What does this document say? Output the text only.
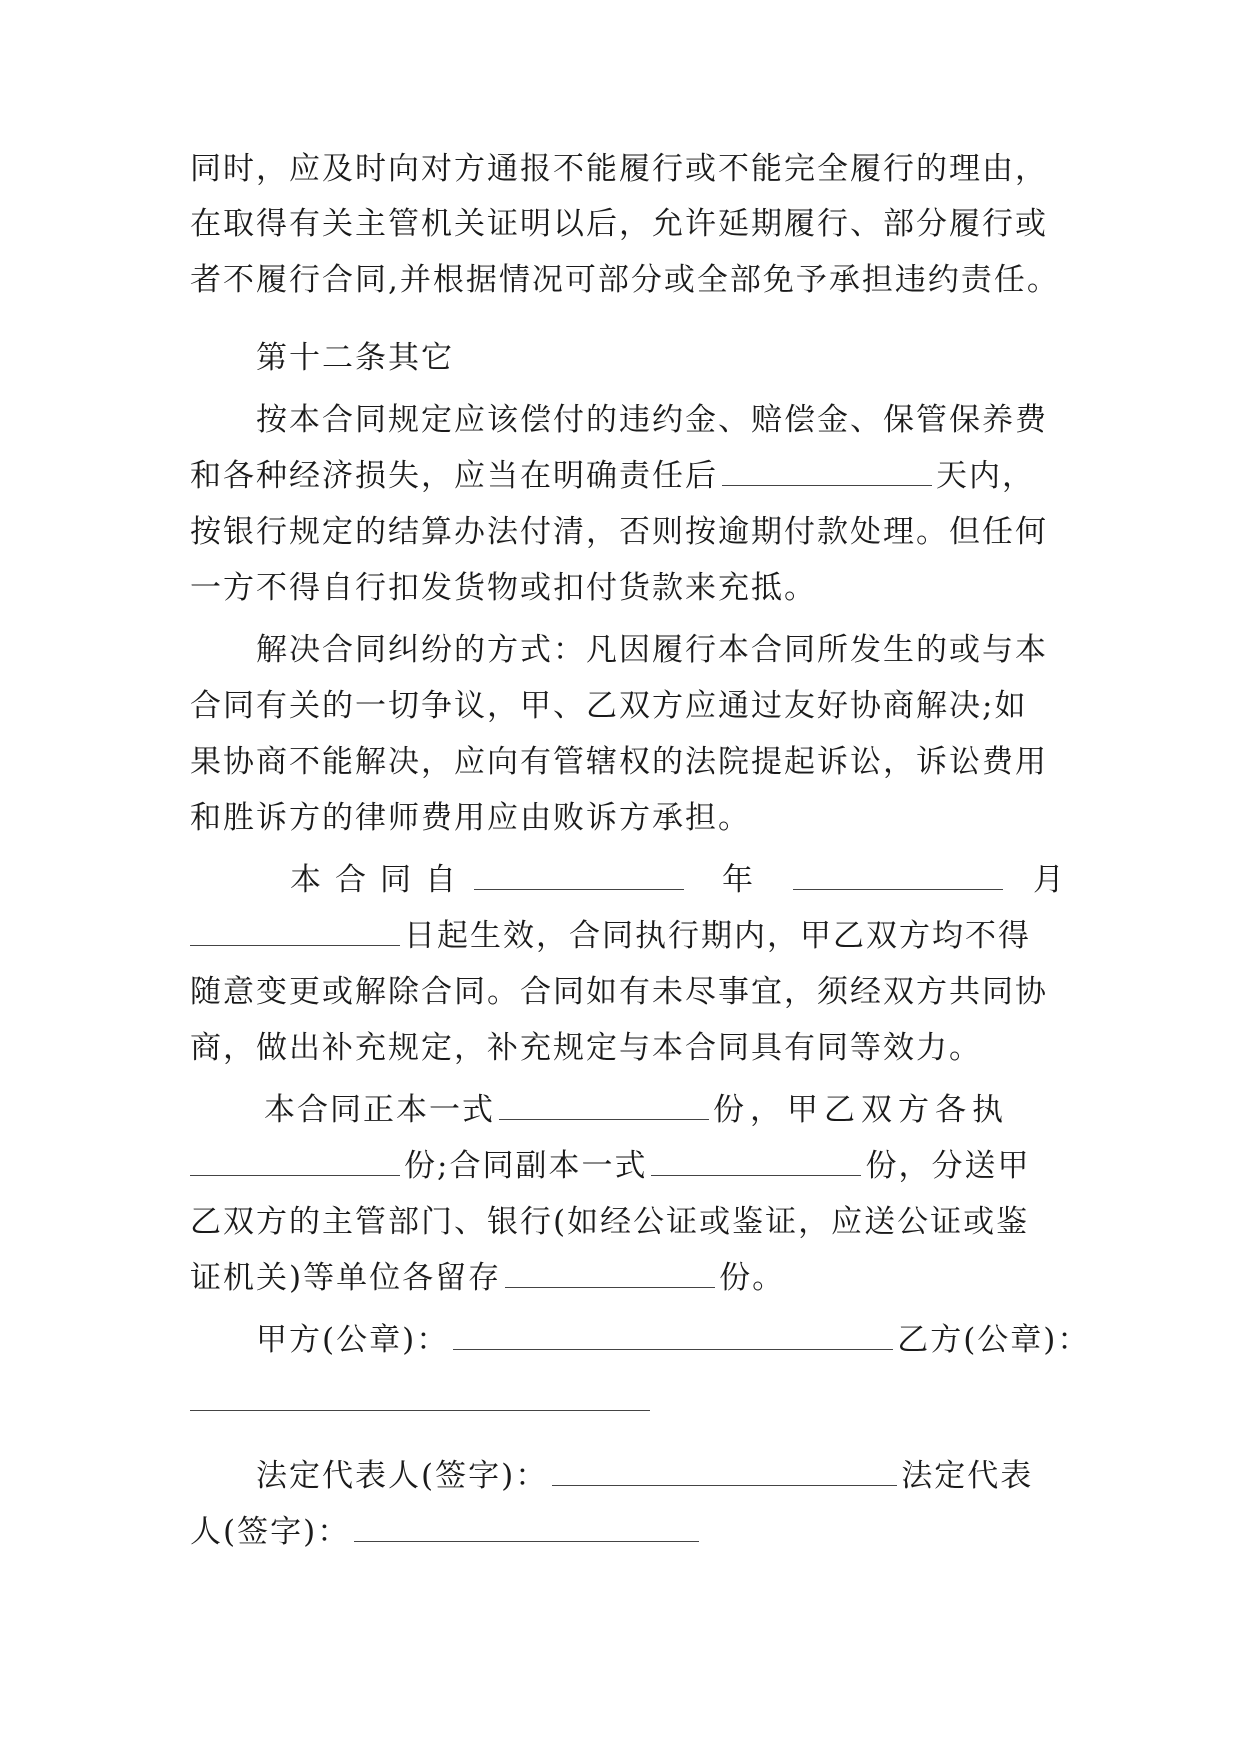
同时，应及时向对方通报不能履行或不能完全履行的理由，
在取得有关主管机关证明以后，允许延期履行、部分履行或
者不履行合同,并根据情况可部分或全部免予承担违约责任。
第十二条其它
按本合同规定应该偿付的违约金、赔偿金、保管保养费
和各种经济损失，应当在明确责任后	天内，
按银行规定的结算办法付清，否则按逾期付款处理。但任何
一方不得自行扣发货物或扣付货款来充抵。
解决合同纠纷的方式：凡因履行本合同所发生的或与本
合同有关的一切争议，甲、乙双方应通过友好协商解决;如
果协商不能解决，应向有管辖权的法院提起诉讼，诉讼费用
和胜诉方的律师费用应由败诉方承担。
本合同自	年	月
日起生效，合同执行期内，甲乙双方均不得
随意变更或解除合同。合同如有未尽事宜，须经双方共同协
商，做出补充规定，补充规定与本合同具有同等效力。
本合同正本一式	份，甲乙双方各执
份;合同副本一式	份，分送甲
乙双方的主管部门、银行(如经公证或鉴证，应送公证或鉴
证机关)等单位各留存	份。
甲方(公章)：	乙方(公章)：
法定代表人(签字)：	法定代表
人(签字)：
